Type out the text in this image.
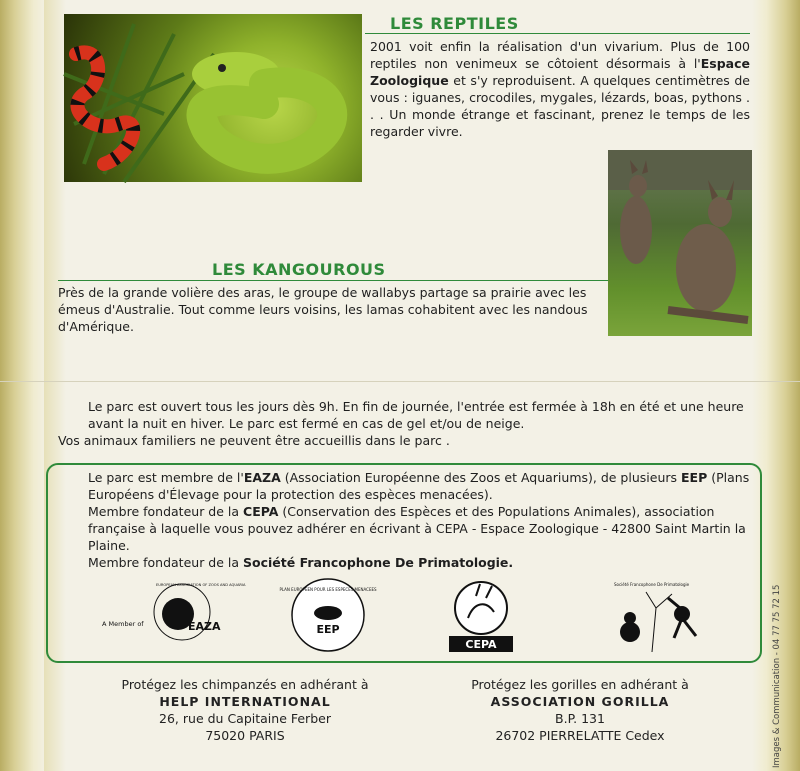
LES REPTILES
2001 voit enfin la réalisation d'un vivarium. Plus de 100 reptiles non venimeux se côtoient désormais à l'Espace Zoologique et s'y reproduisent. A quelques centimètres de vous : iguanes, crocodiles, mygales, lézards, boas, pythons . . . Un monde étrange et fascinant, prenez le temps de les regarder vivre.
LES KANGOUROUS
Près de la grande volière des aras, le groupe de wallabys partage sa prairie avec les émeus d'Australie. Tout comme leurs voisins, les lamas cohabitent avec les nandous d'Amérique.
Le parc est ouvert tous les jours dès 9h. En fin de journée, l'entrée est fermée à 18h en été et une heure avant la nuit en hiver. Le parc est fermé en cas de gel et/ou de neige.
Vos animaux familiers ne peuvent être accueillis dans le parc .
Le parc est membre de l'EAZA (Association Européenne des Zoos et Aquariums), de plusieurs EEP (Plans Européens d'Élevage pour la protection des espèces menacées).
Membre fondateur de la CEPA (Conservation des Espèces et des Populations Animales), association française à laquelle vous pouvez adhérer en écrivant à CEPA - Espace Zoologique - 42800 Saint Martin la Plaine.
Membre fondateur de la Société Francophone De Primatologie.
A Member of	EAZA
EUROPEAN ASSOCIATION OF ZOOS AND AQUARIA
EEP
PLAN EUROPEEN POUR LES ESPECES MENACEES
CEPA
Société Francophone De Primatologie
Protégez les chimpanzés en adhérant à
HELP INTERNATIONAL
26, rue du Capitaine Ferber
75020 PARIS
Protégez les gorilles en adhérant à
ASSOCIATION GORILLA
B.P. 131
26702 PIERRELATTE Cedex	Images & Communication - 04 77 75 72 15
